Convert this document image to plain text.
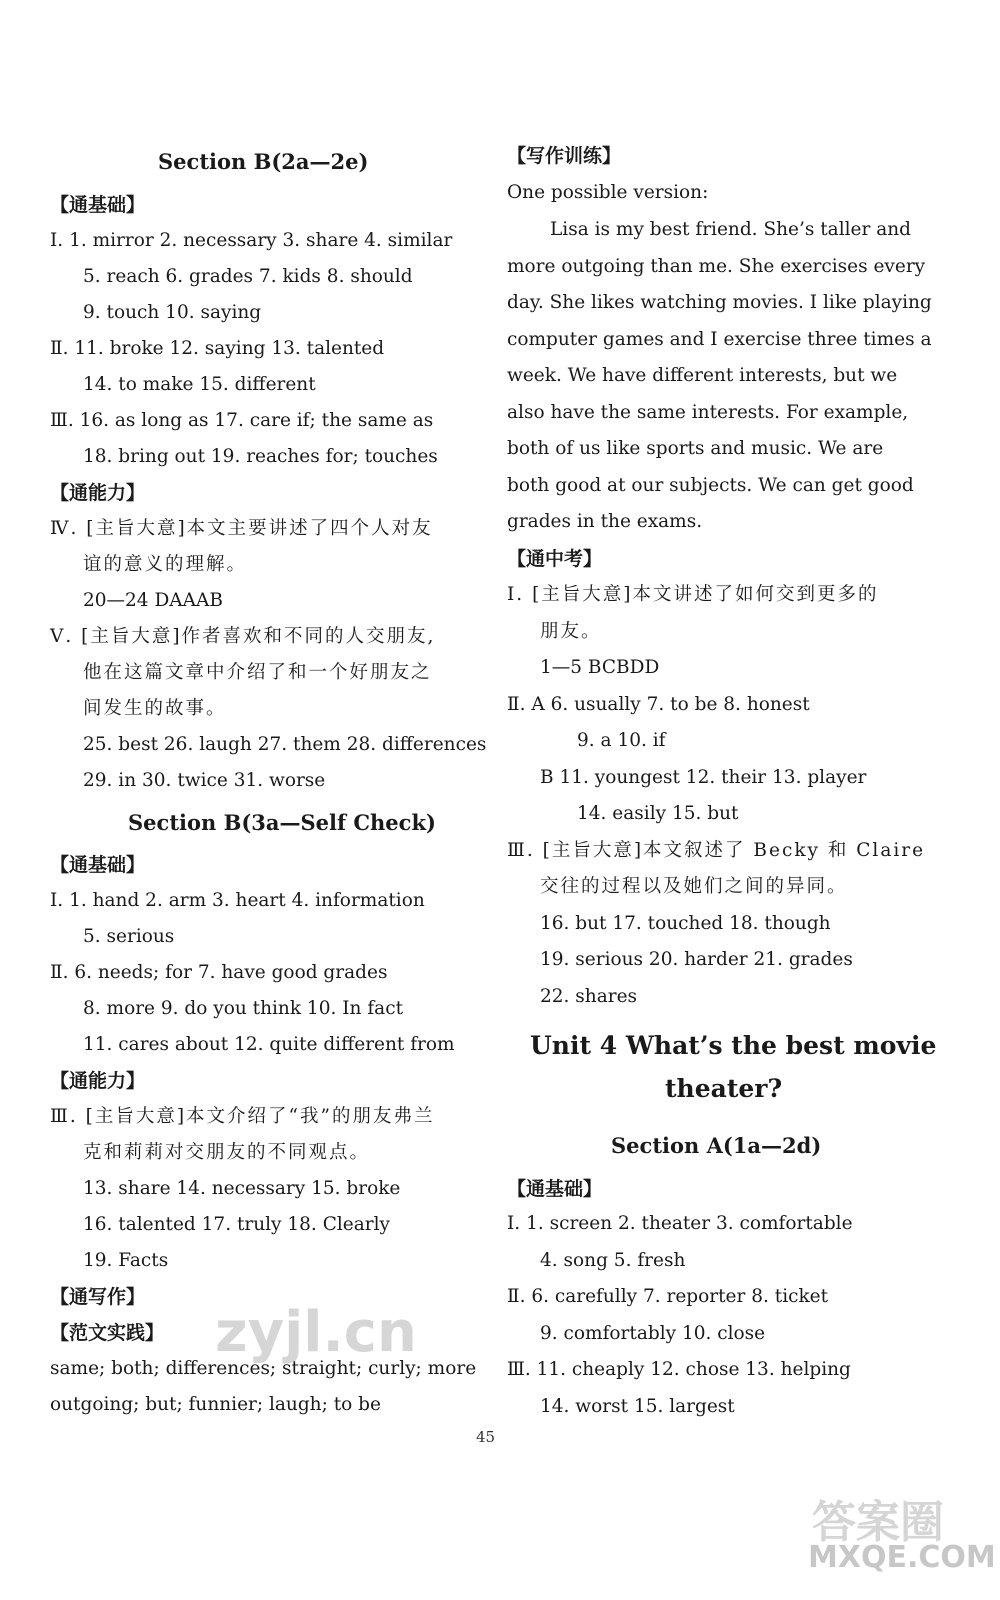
Section B(2a—2e)
【通基础】
Ⅰ. 1. mirror 2. necessary 3. share 4. similar
5. reach 6. grades 7. kids 8. should
9. touch 10. saying
Ⅱ. 11. broke 12. saying 13. talented
14. to make 15. different
Ⅲ. 16. as long as 17. care if; the same as
18. bring out 19. reaches for; touches
【通能力】
Ⅳ. [主旨大意]本文主要讲述了四个人对友
谊的意义的理解。
20—24 DAAAB
Ⅴ. [主旨大意]作者喜欢和不同的人交朋友,
他在这篇文章中介绍了和一个好朋友之
间发生的故事。
25. best 26. laugh 27. them 28. differences
29. in 30. twice 31. worse
Section B(3a—Self Check)
【通基础】
Ⅰ. 1. hand 2. arm 3. heart 4. information
5. serious
Ⅱ. 6. needs; for 7. have good grades
8. more 9. do you think 10. In fact
11. cares about 12. quite different from
【通能力】
Ⅲ. [主旨大意]本文介绍了“我”的朋友弗兰
克和莉莉对交朋友的不同观点。
13. share 14. necessary 15. broke
16. talented 17. truly 18. Clearly
19. Facts
【通写作】
【范文实践】
same; both; differences; straight; curly; more
outgoing; but; funnier; laugh; to be
【写作训练】
One possible version:
Lisa is my best friend. She’s taller and
more outgoing than me. She exercises every
day. She likes watching movies. I like playing
computer games and I exercise three times a
week. We have different interests, but we
also have the same interests. For example,
both of us like sports and music. We are
both good at our subjects. We can get good
grades in the exams.
【通中考】
Ⅰ. [主旨大意]本文讲述了如何交到更多的
朋友。
1—5 BCBDD
Ⅱ. A 6. usually 7. to be 8. honest
9. a 10. if
B 11. youngest 12. their 13. player
14. easily 15. but
Ⅲ. [主旨大意]本文叙述了 Becky 和 Claire
交往的过程以及她们之间的异同。
16. but 17. touched 18. though
19. serious 20. harder 21. grades
22. shares
Unit 4 What’s the best movie
theater?
Section A(1a—2d)
【通基础】
Ⅰ. 1. screen 2. theater 3. comfortable
4. song 5. fresh
Ⅱ. 6. carefully 7. reporter 8. ticket
9. comfortably 10. close
Ⅲ. 11. cheaply 12. chose 13. helping
14. worst 15. largest
45
zyjl.cn
MXQE.COM
答案圈
